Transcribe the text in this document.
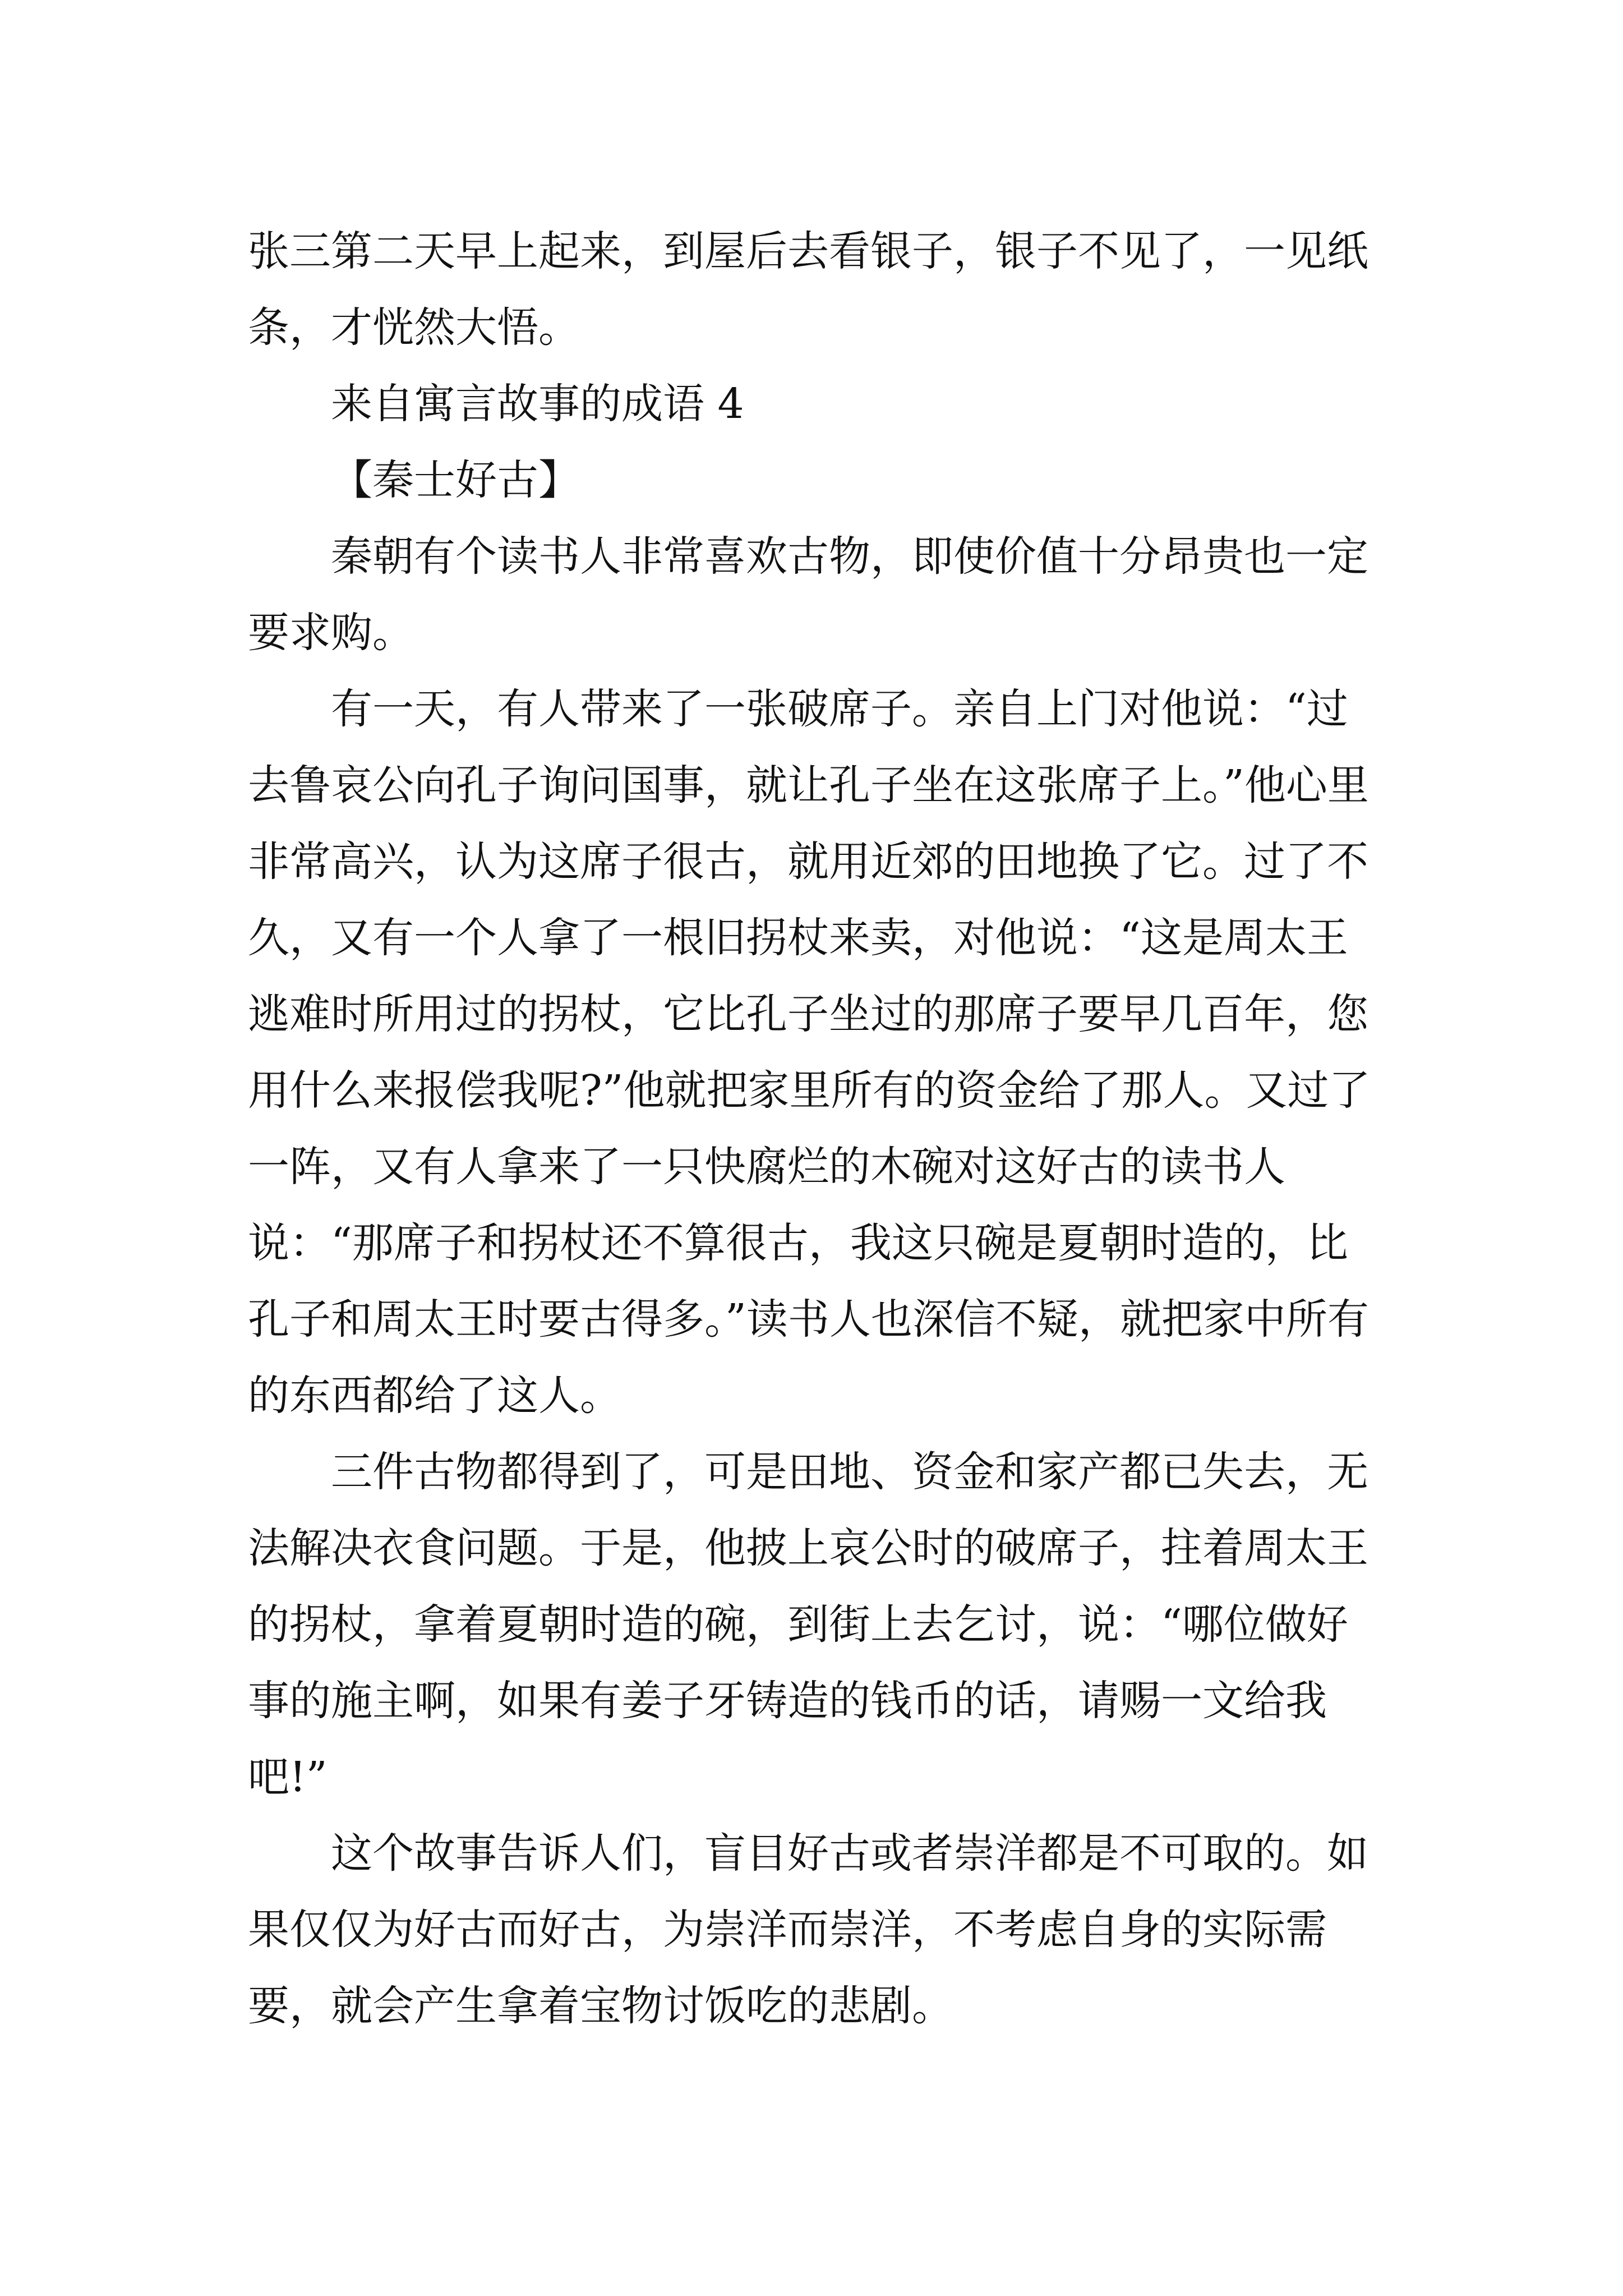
张三第二天早上起来，到屋后去看银子，银子不见了，一见纸条，才恍然大悟。

来自寓言故事的成语 4

【秦士好古】

秦朝有个读书人非常喜欢古物，即使价值十分昂贵也一定要求购。

有一天，有人带来了一张破席子。亲自上门对他说：“过去鲁哀公向孔子询问国事，就让孔子坐在这张席子上。”他心里非常高兴，认为这席子很古，就用近郊的田地换了它。过了不久，又有一个人拿了一根旧拐杖来卖，对他说：“这是周太王逃难时所用过的拐杖，它比孔子坐过的那席子要早几百年，您用什么来报偿我呢?”他就把家里所有的资金给了那人。又过了一阵，又有人拿来了一只快腐烂的木碗对这好古的读书人说：“那席子和拐杖还不算很古，我这只碗是夏朝时造的，比孔子和周太王时要古得多。”读书人也深信不疑，就把家中所有的东西都给了这人。

三件古物都得到了，可是田地、资金和家产都已失去，无法解决衣食问题。于是，他披上哀公时的破席子，拄着周太王的拐杖，拿着夏朝时造的碗，到街上去乞讨，说：“哪位做好事的施主啊，如果有姜子牙铸造的钱币的话，请赐一文给我吧!”

这个故事告诉人们，盲目好古或者崇洋都是不可取的。如果仅仅为好古而好古，为崇洋而崇洋，不考虑自身的实际需要，就会产生拿着宝物讨饭吃的悲剧。
